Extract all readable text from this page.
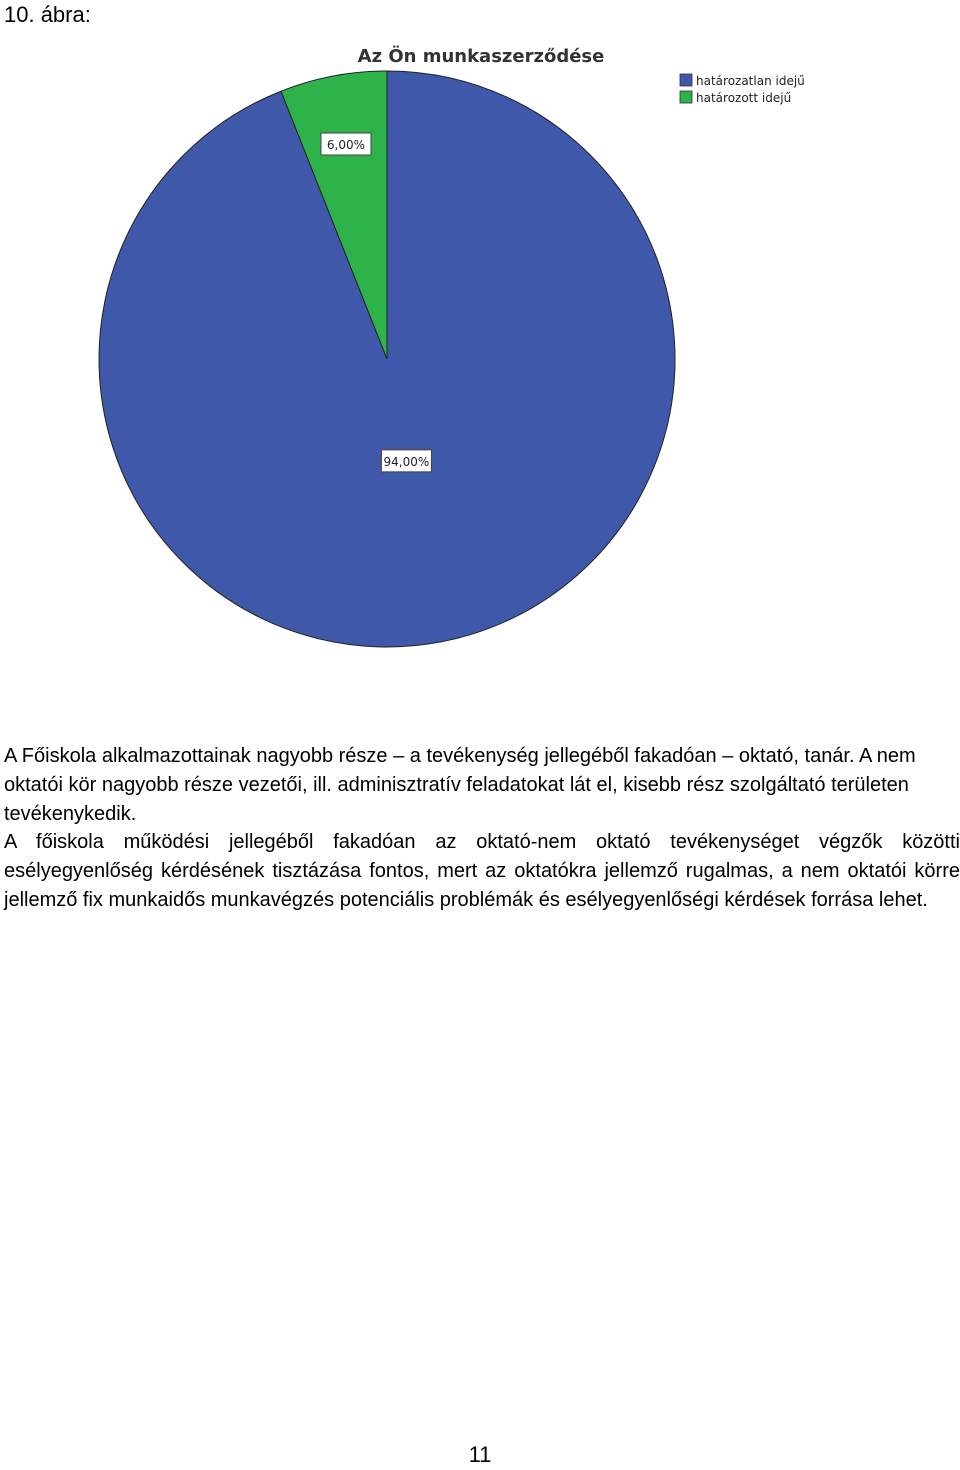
10. ábra:
Az Ön munkaszerződése
94,00%
6,00%
határozatlan idejű
határozott idejű
A Főiskola alkalmazottainak nagyobb része – a tevékenység jellegéből fakadóan – oktató, tanár. A nem oktatói kör nagyobb része vezetői, ill. adminisztratív feladatokat lát el, kisebb rész szolgáltató területen tevékenykedik.
A főiskola működési jellegéből fakadóan az oktató-nem oktató tevékenységet végzők közötti esélyegyenlőség kérdésének tisztázása fontos, mert az oktatókra jellemző rugalmas, a nem oktatói körre jellemző fix munkaidős munkavégzés potenciális problémák és esélyegyenlőségi kérdések forrása lehet.
11
